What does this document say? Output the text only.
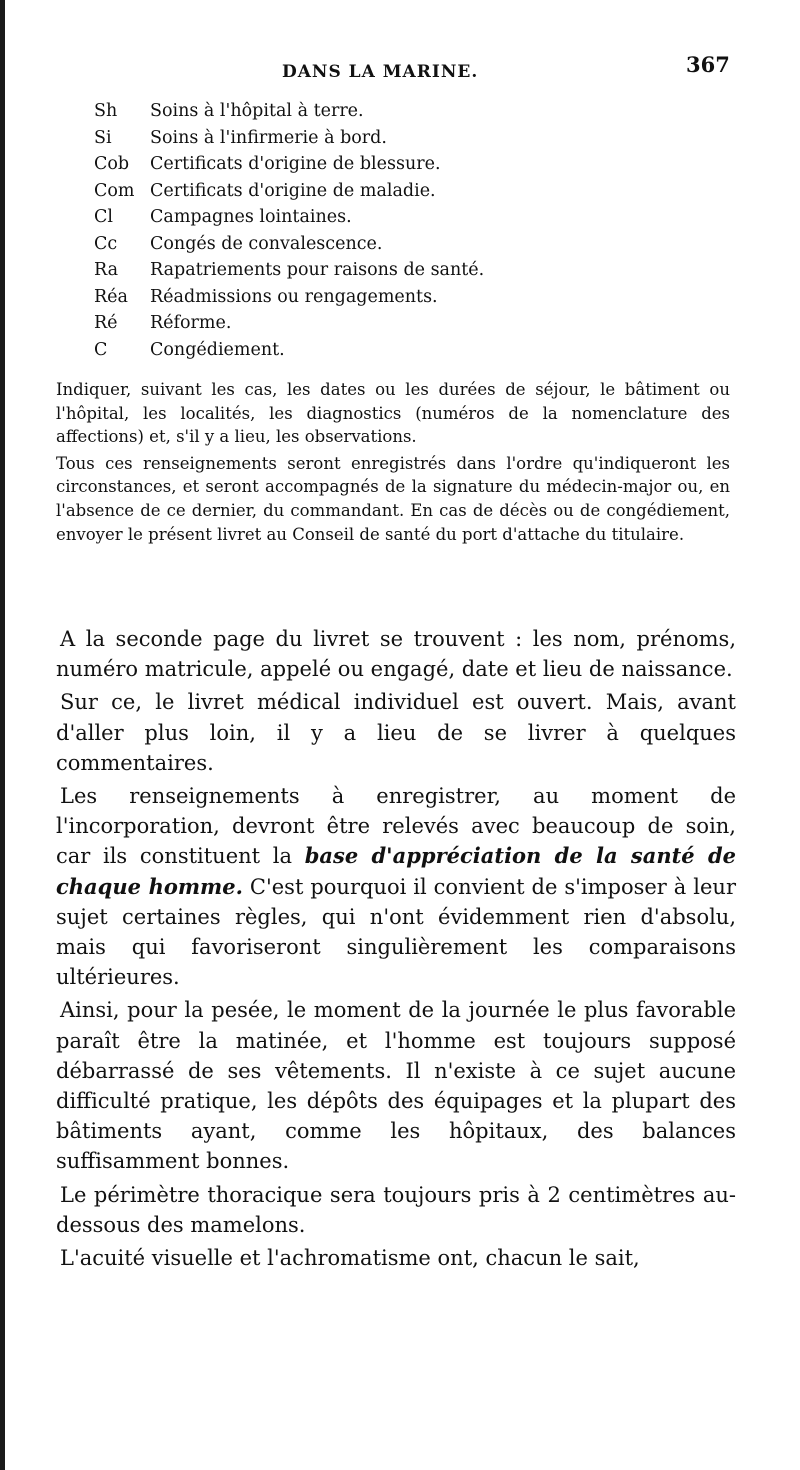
DANS LA MARINE.	367
Sh Soins à l'hôpital à terre.
Si Soins à l'infirmerie à bord.
Cob Certificats d'origine de blessure.
Com Certificats d'origine de maladie.
Cl Campagnes lointaines.
Cc Congés de convalescence.
Ra Rapatriements pour raisons de santé.
Réa Réadmissions ou rengagements.
Ré Réforme.
C Congédiement.

Indiquer, suivant les cas, les dates ou les durées de séjour, le bâtiment ou l'hôpital, les localités, les diagnostics (numéros de la nomenclature des affections) et, s'il y a lieu, les observations.

Tous ces renseignements seront enregistrés dans l'ordre qu'indiqueront les circonstances, et seront accompagnés de la signature du médecin-major ou, en l'absence de ce dernier, du commandant. En cas de décès ou de congédiement, envoyer le présent livret au Conseil de santé du port d'attache du titulaire.

A la seconde page du livret se trouvent : les nom, prénoms, numéro matricule, appelé ou engagé, date et lieu de naissance.

Sur ce, le livret médical individuel est ouvert. Mais, avant d'aller plus loin, il y a lieu de se livrer à quelques commentaires.

Les renseignements à enregistrer, au moment de l'incorporation, devront être relevés avec beaucoup de soin, car ils constituent la base d'appréciation de la santé de chaque homme. C'est pourquoi il convient de s'imposer à leur sujet certaines règles, qui n'ont évidemment rien d'absolu, mais qui favoriseront singulièrement les comparaisons ultérieures.

Ainsi, pour la pesée, le moment de la journée le plus favorable paraît être la matinée, et l'homme est toujours supposé débarrassé de ses vêtements. Il n'existe à ce sujet aucune difficulté pratique, les dépôts des équipages et la plupart des bâtiments ayant, comme les hôpitaux, des balances suffisamment bonnes.

Le périmètre thoracique sera toujours pris à 2 centimètres au-dessous des mamelons.

L'acuité visuelle et l'achromatisme ont, chacun le sait,
